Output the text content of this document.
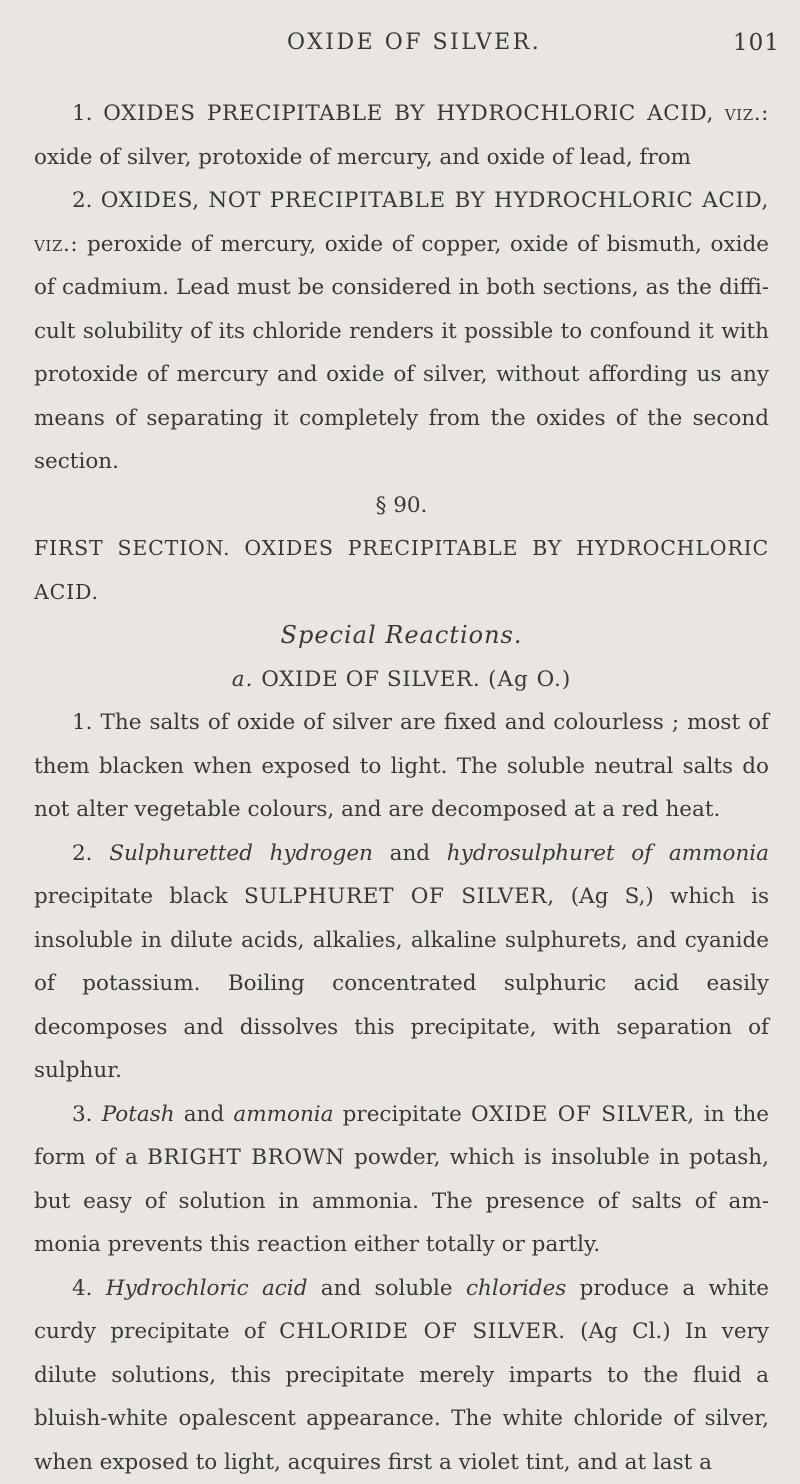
OXIDE OF SILVER.	101

1. OXIDES PRECIPITABLE BY HYDROCHLORIC ACID, viz.: oxide of silver, protoxide of mercury, and oxide of lead, from

2. OXIDES, NOT PRECIPITABLE BY HYDROCHLORIC ACID, viz.: peroxide of mercury, oxide of copper, oxide of bismuth, oxide of cadmium. Lead must be considered in both sections, as the diffi-cult solubility of its chloride renders it possible to confound it with protoxide of mercury and oxide of silver, without affording us any means of separating it completely from the oxides of the second section.

§ 90.

FIRST SECTION. OXIDES PRECIPITABLE BY HYDROCHLORIC ACID.

Special Reactions.

a. OXIDE OF SILVER. (Ag O.)

1. The salts of oxide of silver are fixed and colourless ; most of them blacken when exposed to light. The soluble neutral salts do not alter vegetable colours, and are decomposed at a red heat.

2. Sulphuretted hydrogen and hydrosulphuret of ammonia precipitate black SULPHURET OF SILVER, (Ag S,) which is insoluble in dilute acids, alkalies, alkaline sulphurets, and cyanide of potassium. Boiling concentrated sulphuric acid easily decomposes and dissolves this precipitate, with separation of sulphur.

3. Potash and ammonia precipitate OXIDE OF SILVER, in the form of a BRIGHT BROWN powder, which is insoluble in potash, but easy of solution in ammonia. The presence of salts of am-monia prevents this reaction either totally or partly.

4. Hydrochloric acid and soluble chlorides produce a white curdy precipitate of CHLORIDE OF SILVER. (Ag Cl.) In very dilute solutions, this precipitate merely imparts to the fluid a bluish-white opalescent appearance. The white chloride of silver, when exposed to light, acquires first a violet tint, and at last a
